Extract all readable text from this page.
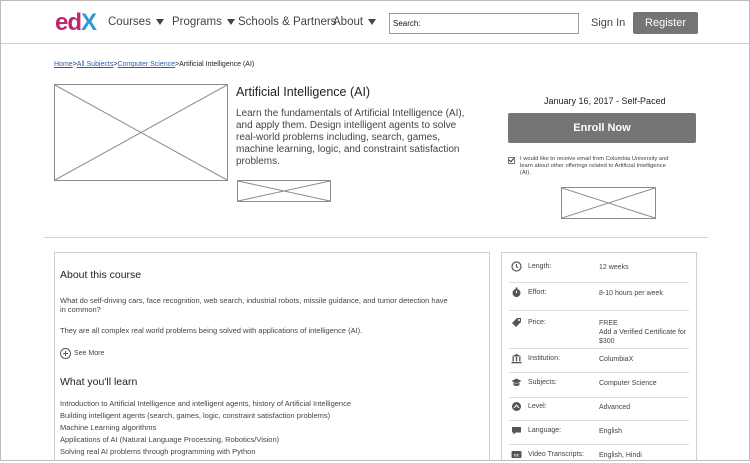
edX Courses Programs Schools & Partners
About	Search:	Sign In	Register
Home>All Subjects>Computer Science>Artificial Intelligence (AI)
Artificial Intelligence (AI)
Learn the fundamentals of Artificial Intelligence (AI), and apply them. Design intelligent agents to solve real-world problems including, search, games, machine learning, logic, and constraint satisfaction problems.
January 16, 2017 - Self-Paced
Enroll Now
I would like to receive email from Columbia University and learn about other offerings related to Artificial Intelligence (AI).
About this course
What do self-driving cars, face recognition, web search, industrial robots, missile guidance, and tumor detection have in common?
They are all complex real world problems being solved with applications of intelligence (AI).
See More
What you'll learn
Introduction to Artificial Intelligence and intelligent agents, history of Artificial Intelligence
Building intelligent agents (search, games, logic, constraint satisfaction problems)
Machine Learning algorithms
Applications of AI (Natural Language Processing, Robotics/Vision)
Solving real AI problems through programming with Python
Length:	12 weeks
Effort:	8-10 hours per week
Price:	FREE
Add a Verified Certificate for $300
Institution:	ColumbiaX
Subjects:	Computer Science
Level:	Advanced
Language:	English
cc Video Transcripts: English, Hindi
